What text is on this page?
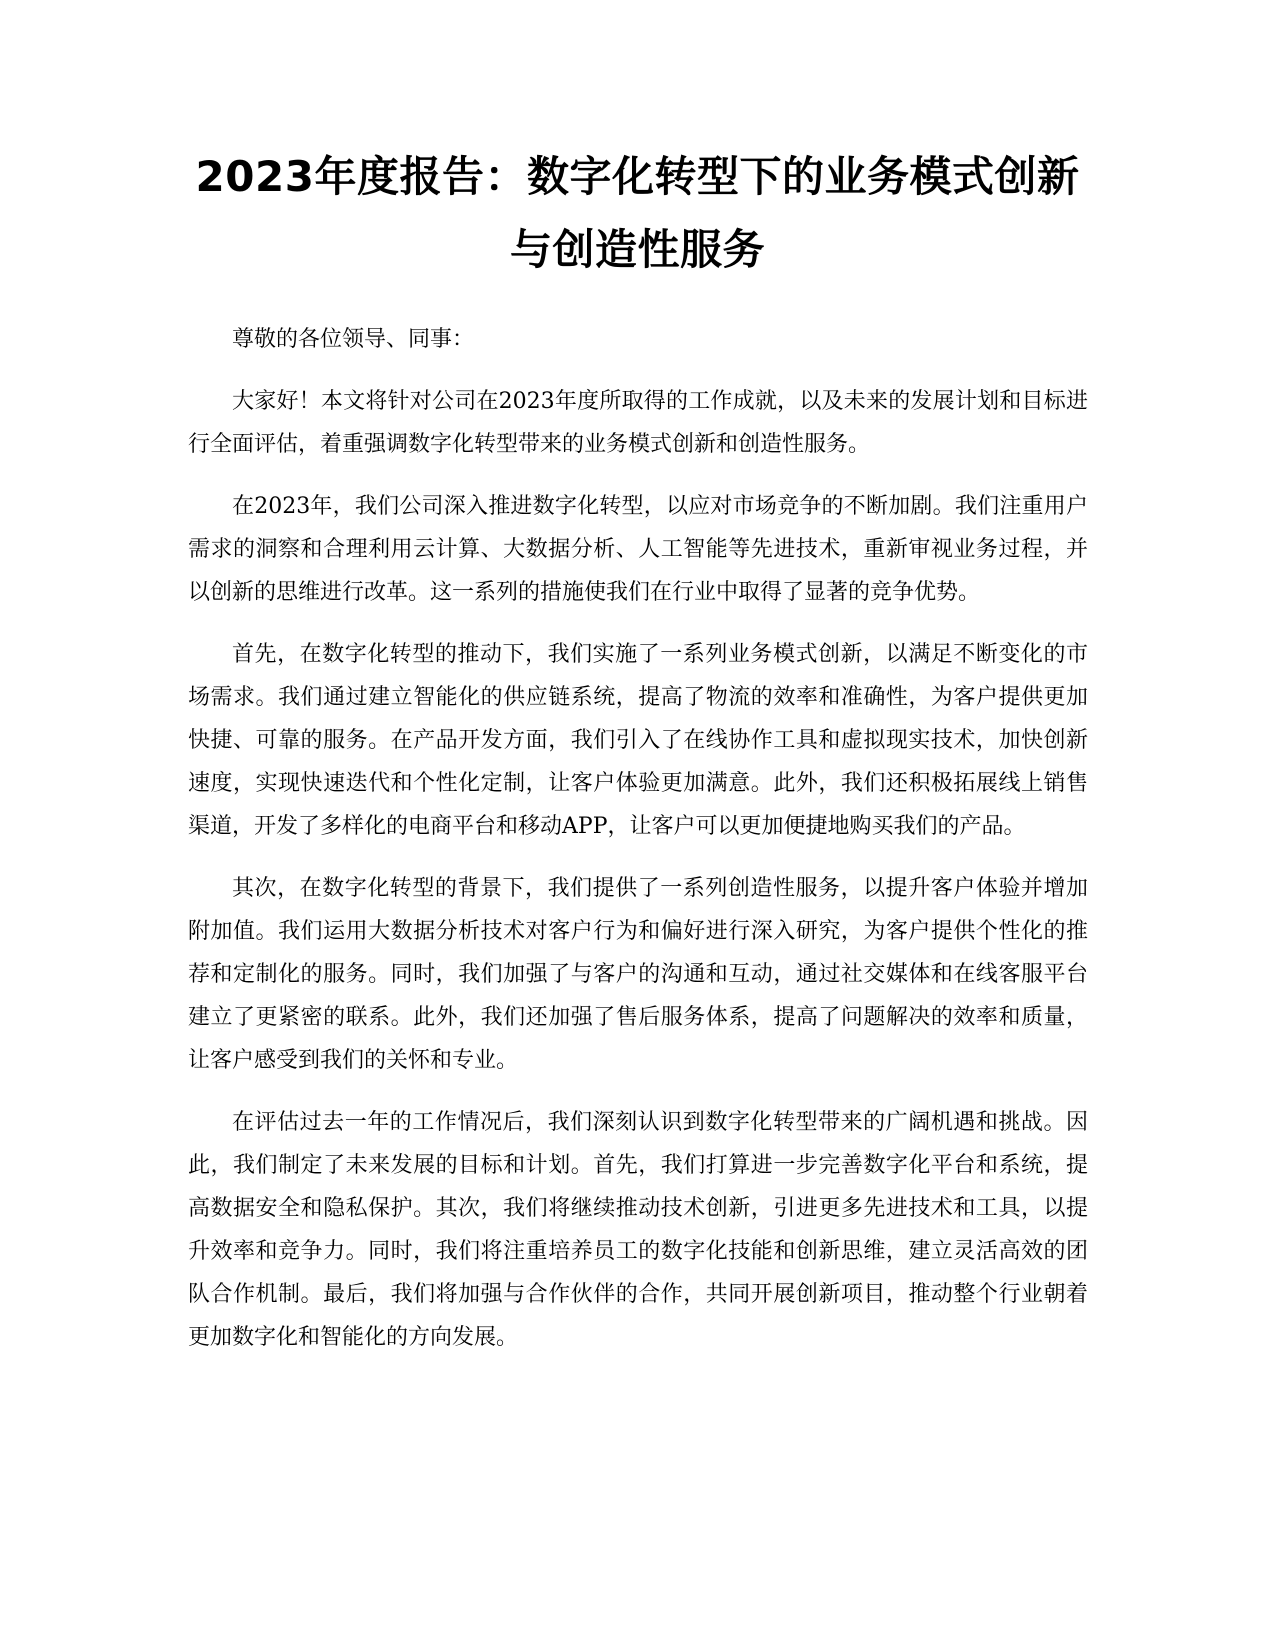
2023年度报告：数字化转型下的业务模式创新与创造性服务

尊敬的各位领导、同事：

大家好！本文将针对公司在2023年度所取得的工作成就，以及未来的发展计划和目标进行全面评估，着重强调数字化转型带来的业务模式创新和创造性服务。

在2023年，我们公司深入推进数字化转型，以应对市场竞争的不断加剧。我们注重用户需求的洞察和合理利用云计算、大数据分析、人工智能等先进技术，重新审视业务过程，并以创新的思维进行改革。这一系列的措施使我们在行业中取得了显著的竞争优势。

首先，在数字化转型的推动下，我们实施了一系列业务模式创新，以满足不断变化的市场需求。我们通过建立智能化的供应链系统，提高了物流的效率和准确性，为客户提供更加快捷、可靠的服务。在产品开发方面，我们引入了在线协作工具和虚拟现实技术，加快创新速度，实现快速迭代和个性化定制，让客户体验更加满意。此外，我们还积极拓展线上销售渠道，开发了多样化的电商平台和移动APP，让客户可以更加便捷地购买我们的产品。

其次，在数字化转型的背景下，我们提供了一系列创造性服务，以提升客户体验并增加附加值。我们运用大数据分析技术对客户行为和偏好进行深入研究，为客户提供个性化的推荐和定制化的服务。同时，我们加强了与客户的沟通和互动，通过社交媒体和在线客服平台建立了更紧密的联系。此外，我们还加强了售后服务体系，提高了问题解决的效率和质量，让客户感受到我们的关怀和专业。

在评估过去一年的工作情况后，我们深刻认识到数字化转型带来的广阔机遇和挑战。因此，我们制定了未来发展的目标和计划。首先，我们打算进一步完善数字化平台和系统，提高数据安全和隐私保护。其次，我们将继续推动技术创新，引进更多先进技术和工具，以提升效率和竞争力。同时，我们将注重培养员工的数字化技能和创新思维，建立灵活高效的团队合作机制。最后，我们将加强与合作伙伴的合作，共同开展创新项目，推动整个行业朝着更加数字化和智能化的方向发展。
